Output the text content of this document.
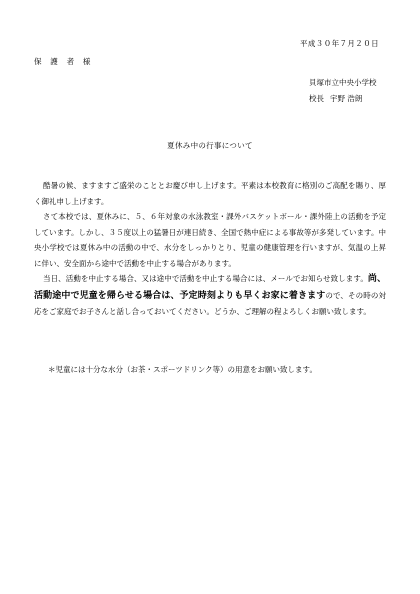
平成３０年７月２０日
保 護 者 様
貝塚市立中央小学校
校長 宇野 浩朗
夏休み中の行事について

酷暑の候、ますますご盛栄のこととお慶び申し上げます。平素は本校教育に格別のご高配を賜り、厚く御礼申し上げます。

さて本校では、夏休みに、５、６年対象の水泳教室・課外バスケットボール・課外陸上の活動を予定しています。しかし、３５度以上の猛暑日が連日続き、全国で熱中症による事故等が多発しています。中央小学校では夏休み中の活動の中で、水分をしっかりとり、児童の健康管理を行いますが、気温の上昇に伴い、安全面から途中で活動を中止する場合があります。

当日、活動を中止する場合、又は途中で活動を中止する場合には、メールでお知らせ致します。尚、活動途中で児童を帰らせる場合は、予定時刻よりも早くお家に着きますので、その時の対応をご家庭でお子さんと話し合っておいてください。どうか、ご理解の程よろしくお願い致します。

＊児童には十分な水分（お茶・スポーツドリンク等）の用意をお願い致します。
